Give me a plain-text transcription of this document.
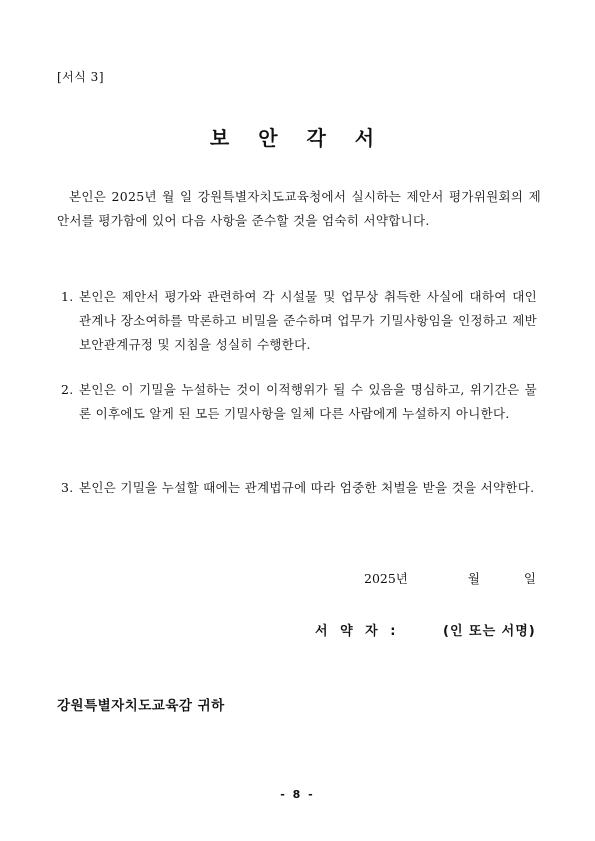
[서식 3]
보 안 각 서
본인은 2025년 월 일 강원특별자치도교육청에서 실시하는 제안서 평가위원회의 제안서를 평가함에 있어 다음 사항을 준수할 것을 엄숙히 서약합니다.
1. 본인은 제안서 평가와 관련하여 각 시설물 및 업무상 취득한 사실에 대하여 대인 관계나 장소여하를 막론하고 비밀을 준수하며 업무가 기밀사항임을 인정하고 제반 보안관계규정 및 지침을 성실히 수행한다.
2. 본인은 이 기밀을 누설하는 것이 이적행위가 될 수 있음을 명심하고, 위기간은 물론 이후에도 알게 된 모든 기밀사항을 일체 다른 사람에게 누설하지 아니한다.
3. 본인은 기밀을 누설할 때에는 관계법규에 따라 엄중한 처벌을 받을 것을 서약한다.
2025년	월	일
서 약 자 :	(인 또는 서명)
강원특별자치도교육감 귀하
- 8 -
